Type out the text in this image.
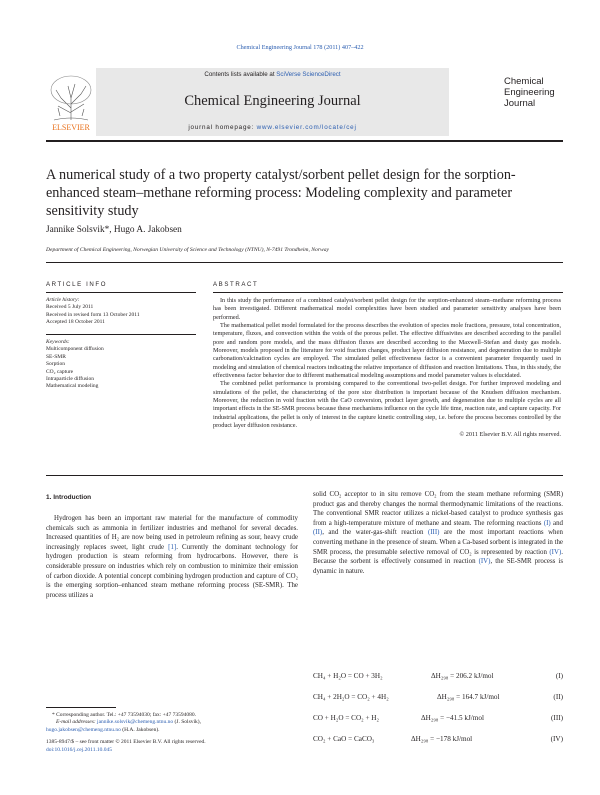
Chemical Engineering Journal 178 (2011) 407–422
ELSEVIER
Contents lists available at SciVerse ScienceDirect
Chemical Engineering Journal
journal homepage: www.elsevier.com/locate/cej
Chemical
Engineering
Journal
A numerical study of a two property catalyst/sorbent pellet design for the sorption-enhanced steam–methane reforming process: Modeling complexity and parameter sensitivity study
Jannike Solsvik*, Hugo A. Jakobsen
Department of Chemical Engineering, Norwegian University of Science and Technology (NTNU), N-7491 Trondheim, Norway
ARTICLE INFO
Article history:
Received 5 July 2011
Received in revised form 13 October 2011
Accepted 18 October 2011
Keywords:
Multicomponent diffusion
SE-SMR
Sorption
CO₂ capture
Intraparticle diffusion
Mathematical modeling
ABSTRACT

In this study the performance of a combined catalyst/sorbent pellet design for the sorption-enhanced steam–methane reforming process has been investigated. Different mathematical model complexities have been studied and parameter sensitivity analyses have been performed.

The mathematical pellet model formulated for the process describes the evolution of species mole fractions, pressure, total concentration, temperature, fluxes, and convection within the voids of the porous pellet. The effective diffusivites are described according to the parallel pore and random pore models, and the mass diffusion fluxes are described according to the Maxwell–Stefan and dusty gas models. Moreover, models proposed in the literature for void fraction changes, product layer diffusion resistance, and degeneration due to multiple carbonation/calcination cycles are employed. The simulated pellet effectiveness factor is a convenient parameter frequently used in modeling and simulation of chemical reactors indicating the relative importance of diffusion and reaction limitations. Thus, in this study, the effectiveness factor behavior due to different mathematical modeling assumptions and model parameter values is elucidated.

The combined pellet performance is promising compared to the conventional two-pellet design. For further improved modeling and simulations of the pellet, the characterizing of the pore size distribution is important because of the Knudsen diffusion mechanism. Moreover, the reduction in void fraction with the CaO conversion, product layer growth, and degeneration due to multiple cycles are all important effects in the SE-SMR process because these mechanisms influence on the cycle life time, reaction rate, and capture capacity. For industrial applications, the pellet is only of interest in the capture kinetic controlling step, i.e. before the process becomes controlled by the product layer diffusion resistance.

© 2011 Elsevier B.V. All rights reserved.
1. Introduction

Hydrogen has been an important raw material for the manufacture of commodity chemicals such as ammonia in fertilizer industries and methanol for several decades. Increased quantities of H₂ are now being used in petroleum refining as sour, heavy crude increasingly replaces sweet, light crude [1]. Currently the dominant technology for hydrogen production is steam reforming from hydrocarbons. However, there is considerable pressure on industries which rely on combustion to minimize their emission of carbon dioxide. A potential concept combining hydrogen production and capture of CO₂ is the emerging sorption–enhanced steam methane reforming process (SE-SMR). The process utilizes a

solid CO₂ acceptor to in situ remove CO₂ from the steam methane reforming (SMR) product gas and thereby changes the normal thermodynamic limitations of the reactions. The conventional SMR reactor utilizes a nickel-based catalyst to produce synthesis gas from a high-temperature mixture of methane and steam. The reforming reactions (I) and (II), and the water-gas-shift reaction (III) are the most important reactions when converting methane in the presence of steam. When a Ca-based sorbent is integrated in the SMR process, the presumable selective removal of CO₂ is represented by reaction (IV). Because the sorbent is effectively consumed in reaction (IV), the SE-SMR process is dynamic in nature.

CH₄ + H₂O = CO + 3H₂	ΔH₂₉₈ = 206.2 kJ/mol	(I)
CH₄ + 2H₂O = CO₂ + 4H₂	ΔH₂₉₈ = 164.7 kJ/mol	(II)
CO + H₂O = CO₂ + H₂	ΔH₂₉₈ = −41.5 kJ/mol	(III)
CO₂ + CaO = CaCO₃	ΔH₂₉₈ = −178 kJ/mol	(IV)
* Corresponding author. Tel.: +47 73594030; fax: +47 73594080.
E-mail addresses: jannike.solsvik@chemeng.ntnu.no (J. Solsvik),
hugo.jakobsen@chemeng.ntnu.no (H.A. Jakobsen).
1385-8947/$ – see front matter © 2011 Elsevier B.V. All rights reserved.
doi:10.1016/j.cej.2011.10.045
